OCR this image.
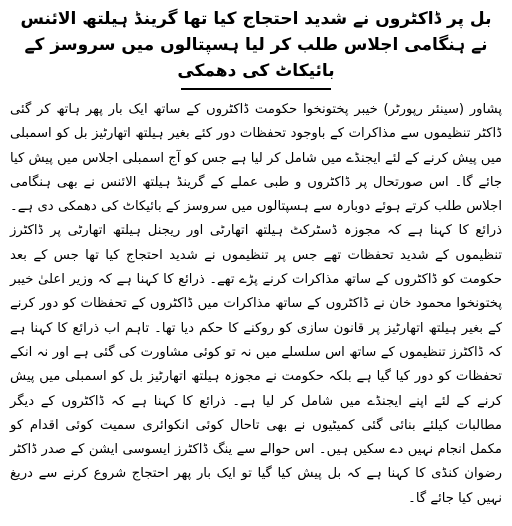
بل پر ڈاکٹروں نے شدید احتجاج کیا تھا گرینڈ ہیلتھ الائنس نے ہنگامی اجلاس طلب کر لیا ہسپتالوں میں سروسز کے بائیکاٹ کی دھمکی

پشاور (سینئر رپورٹر) خیبر پختونخوا حکومت ڈاکٹروں کے ساتھ ایک بار پھر ہاتھ کر گئی ڈاکٹر تنظیموں سے مذاکرات کے باوجود تحفظات دور کئے بغیر ہیلتھ اتھارٹیز بل کو اسمبلی میں پیش کرنے کے لئے ایجنڈے میں شامل کر لیا ہے جس کو آج اسمبلی اجلاس میں پیش کیا جائے گا۔ اس صورتحال پر ڈاکٹروں و طبی عملے کے گرینڈ ہیلتھ الائنس نے بھی ہنگامی اجلاس طلب کرتے ہوئے دوبارہ سے ہسپتالوں میں سروسز کے بائیکاٹ کی دھمکی دی ہے۔ ذرائع کا کہنا ہے کہ مجوزہ ڈسٹرکٹ ہیلتھ اتھارٹی اور ریجنل ہیلتھ اتھارٹی پر ڈاکٹرز تنظیموں کے شدید تحفظات تھے جس پر تنظیموں نے شدید احتجاج کیا تھا جس کے بعد حکومت کو ڈاکٹروں کے ساتھ مذاکرات کرنے پڑے تھے۔ ذرائع کا کہنا ہے کہ وزیر اعلیٰ خیبر پختونخوا محمود خان نے ڈاکٹروں کے ساتھ مذاکرات میں ڈاکٹروں کے تحفظات کو دور کرنے کے بغیر ہیلتھ اتھارٹیز پر قانون سازی کو روکنے کا حکم دیا تھا۔ تاہم اب ذرائع کا کہنا ہے کہ ڈاکٹرز تنظیموں کے ساتھ اس سلسلے میں نہ تو کوئی مشاورت کی گئی ہے اور نہ انکے تحفظات کو دور کیا گیا ہے بلکہ حکومت نے مجوزہ ہیلتھ اتھارٹیز بل کو اسمبلی میں پیش کرنے کے لئے اپنے ایجنڈے میں شامل کر لیا ہے۔ ذرائع کا کہنا ہے کہ ڈاکٹروں کے دیگر مطالبات کیلئے بنائی گئی کمیٹیوں نے بھی تاحال کوئی انکوائری سمیت کوئی اقدام کو مکمل انجام نہیں دے سکیں ہیں۔ اس حوالے سے ینگ ڈاکٹرز ایسوسی ایشن کے صدر ڈاکٹر رضوان کنڈی کا کہنا ہے کہ بل پیش کیا گیا تو ایک بار پھر احتجاج شروع کرنے سے دریغ نہیں کیا جائے گا۔
